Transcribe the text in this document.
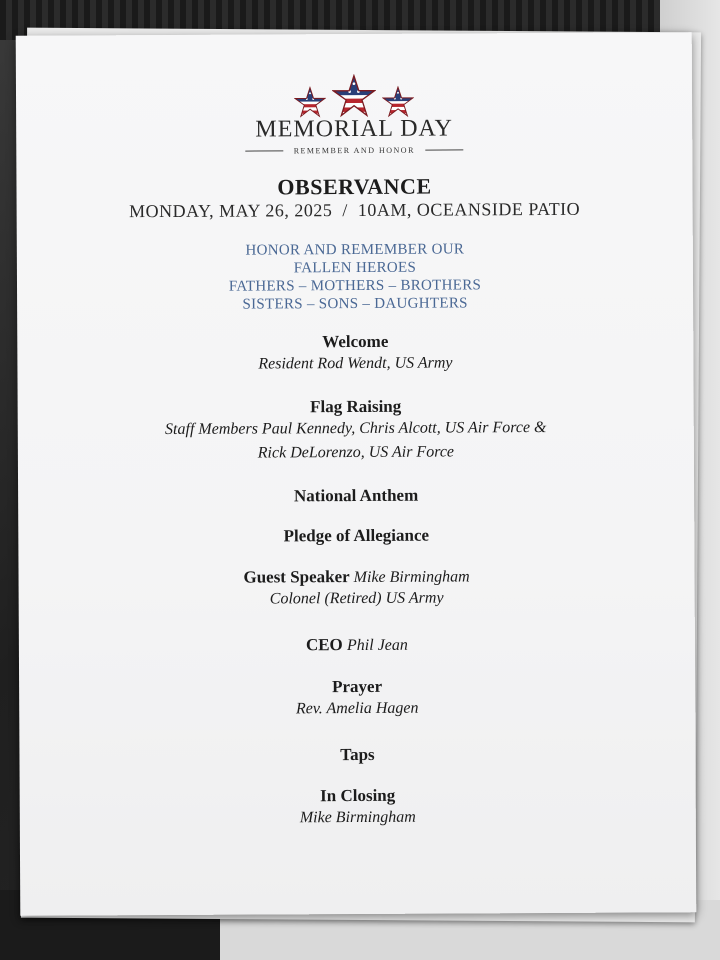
MEMORIAL DAY
REMEMBER AND HONOR
OBSERVANCE
MONDAY, MAY 26, 2025  /  10AM, OCEANSIDE PATIO
HONOR AND REMEMBER OUR
FALLEN HEROES
FATHERS – MOTHERS – BROTHERS
SISTERS – SONS – DAUGHTERS
Welcome
Resident Rod Wendt, US Army
Flag Raising
Staff Members Paul Kennedy, Chris Alcott, US Air Force &
Rick DeLorenzo, US Air Force
National Anthem
Pledge of Allegiance
Guest Speaker Mike Birmingham
Colonel (Retired) US Army
CEO Phil Jean
Prayer
Rev. Amelia Hagen
Taps
In Closing
Mike Birmingham
